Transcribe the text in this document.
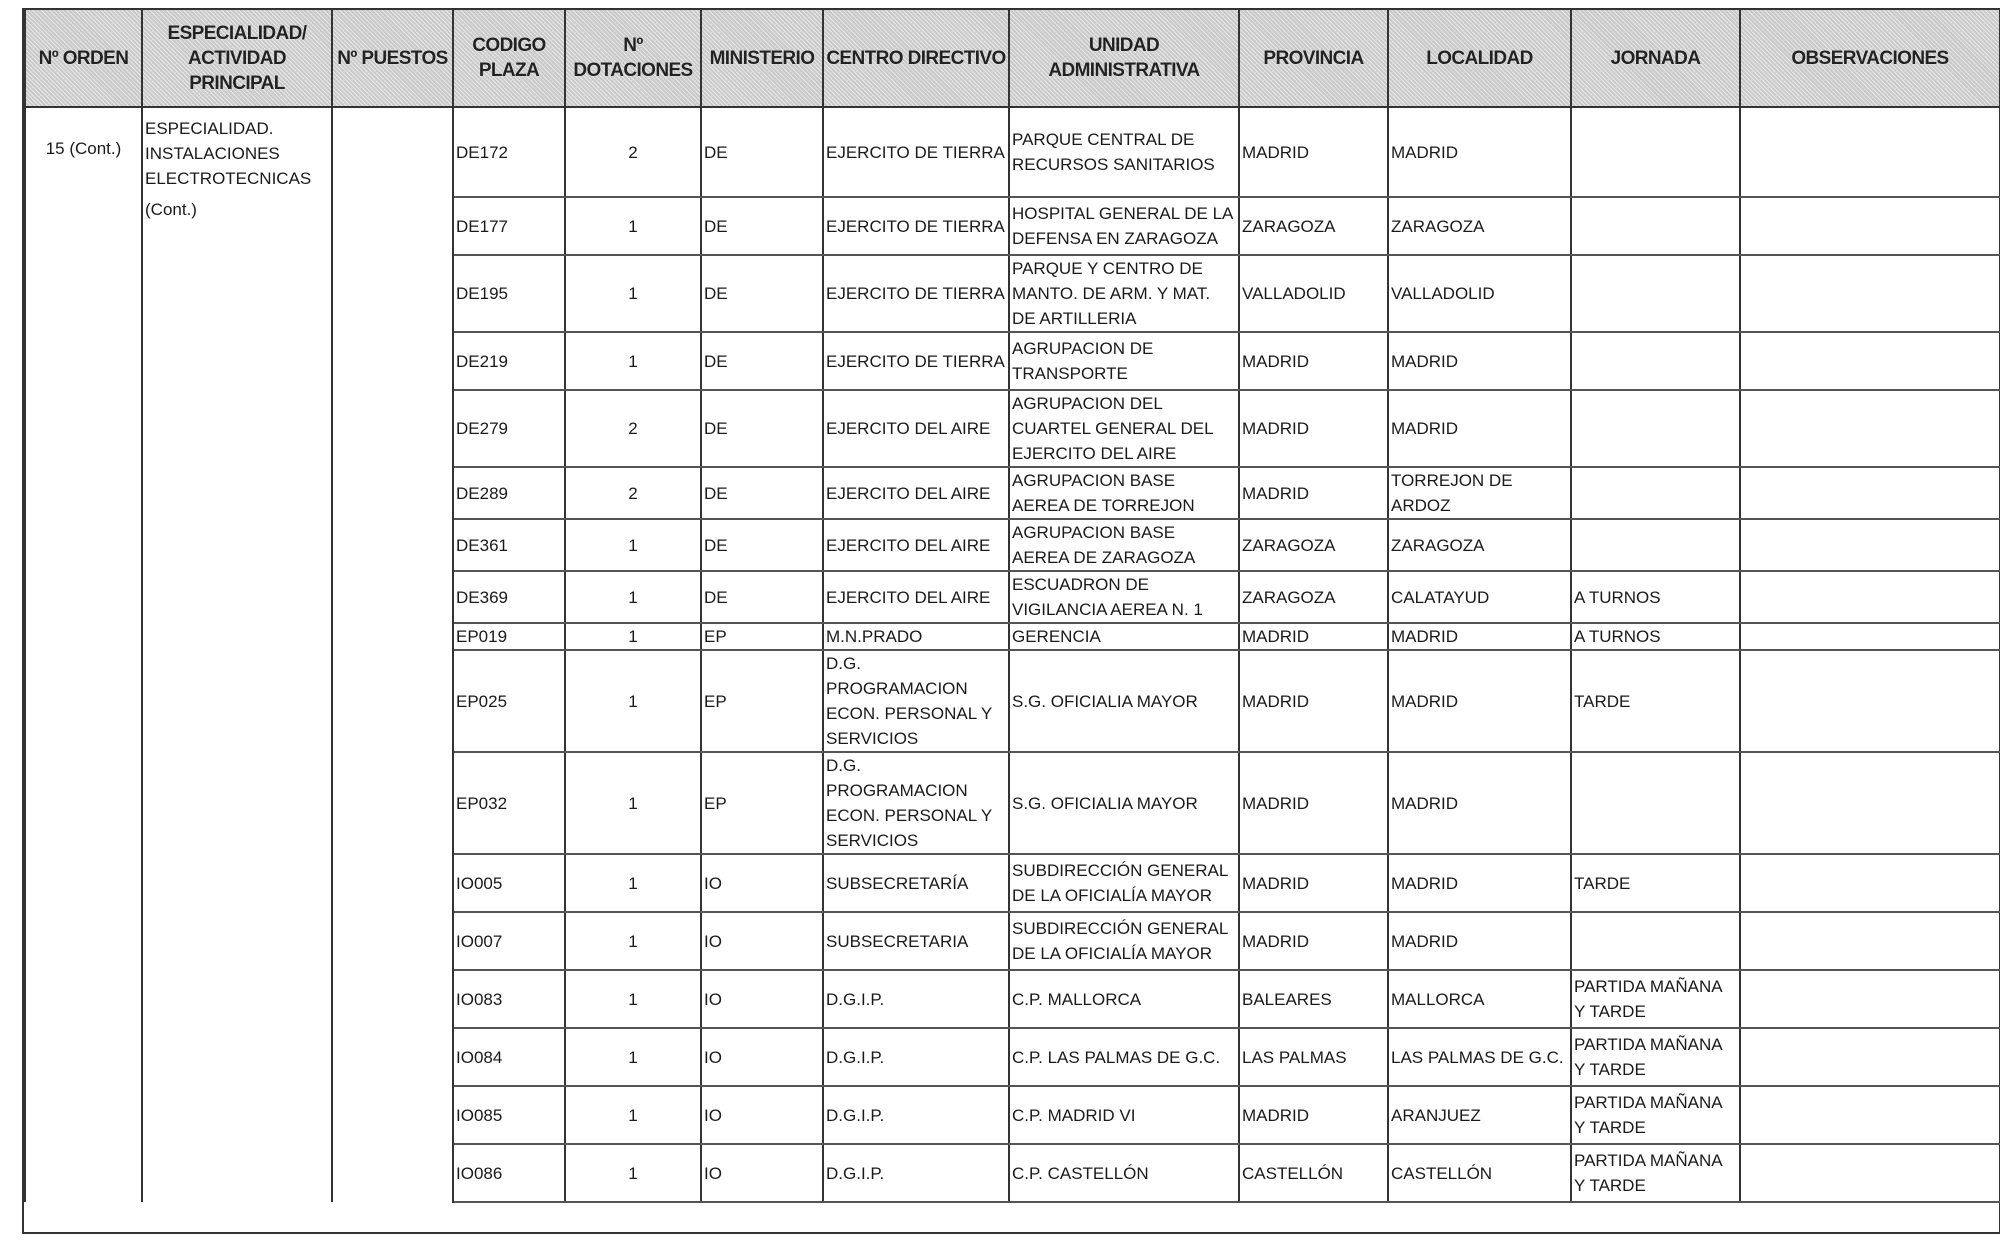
Nº ORDEN	ESPECIALIDAD/ ACTIVIDAD PRINCIPAL	Nº PUESTOS	CODIGO PLAZA	Nº DOTACIONES	MINISTERIO	CENTRO DIRECTIVO	UNIDAD ADMINISTRATIVA	PROVINCIA	LOCALIDAD	JORNADA	OBSERVACIONES
15 (Cont.)	ESPECIALIDAD.
INSTALACIONES
ELECTROTECNICAS
(Cont.)		DE172	2	DE	EJERCITO DE TIERRA	PARQUE CENTRAL DE RECURSOS SANITARIOS	MADRID	MADRID		
			DE177	1	DE	EJERCITO DE TIERRA	HOSPITAL GENERAL DE LA DEFENSA EN ZARAGOZA	ZARAGOZA	ZARAGOZA		
			DE195	1	DE	EJERCITO DE TIERRA	PARQUE Y CENTRO DE MANTO. DE ARM. Y MAT. DE ARTILLERIA	VALLADOLID	VALLADOLID		
			DE219	1	DE	EJERCITO DE TIERRA	AGRUPACION DE TRANSPORTE	MADRID	MADRID		
			DE279	2	DE	EJERCITO DEL AIRE	AGRUPACION DEL CUARTEL GENERAL DEL EJERCITO DEL AIRE	MADRID	MADRID		
			DE289	2	DE	EJERCITO DEL AIRE	AGRUPACION BASE AEREA DE TORREJON	MADRID	TORREJON DE ARDOZ		
			DE361	1	DE	EJERCITO DEL AIRE	AGRUPACION BASE AEREA DE ZARAGOZA	ZARAGOZA	ZARAGOZA		
			DE369	1	DE	EJERCITO DEL AIRE	ESCUADRON DE VIGILANCIA AEREA N. 1	ZARAGOZA	CALATAYUD	A TURNOS	
			EP019	1	EP	M.N.PRADO	GERENCIA	MADRID	MADRID	A TURNOS	
			EP025	1	EP	D.G. PROGRAMACION ECON. PERSONAL Y SERVICIOS	S.G. OFICIALIA MAYOR	MADRID	MADRID	TARDE	
			EP032	1	EP	D.G. PROGRAMACION ECON. PERSONAL Y SERVICIOS	S.G. OFICIALIA MAYOR	MADRID	MADRID		
			IO005	1	IO	SUBSECRETARÍA	SUBDIRECCIÓN GENERAL DE LA OFICIALÍA MAYOR	MADRID	MADRID	TARDE	
			IO007	1	IO	SUBSECRETARIA	SUBDIRECCIÓN GENERAL DE LA OFICIALÍA MAYOR	MADRID	MADRID		
			IO083	1	IO	D.G.I.P.	C.P. MALLORCA	BALEARES	MALLORCA	PARTIDA MAÑANA Y TARDE	
			IO084	1	IO	D.G.I.P.	C.P. LAS PALMAS DE G.C.	LAS PALMAS	LAS PALMAS DE G.C.	PARTIDA MAÑANA Y TARDE	
			IO085	1	IO	D.G.I.P.	C.P. MADRID VI	MADRID	ARANJUEZ	PARTIDA MAÑANA Y TARDE	
			IO086	1	IO	D.G.I.P.	C.P. CASTELLÓN	CASTELLÓN	CASTELLÓN	PARTIDA MAÑANA Y TARDE	
